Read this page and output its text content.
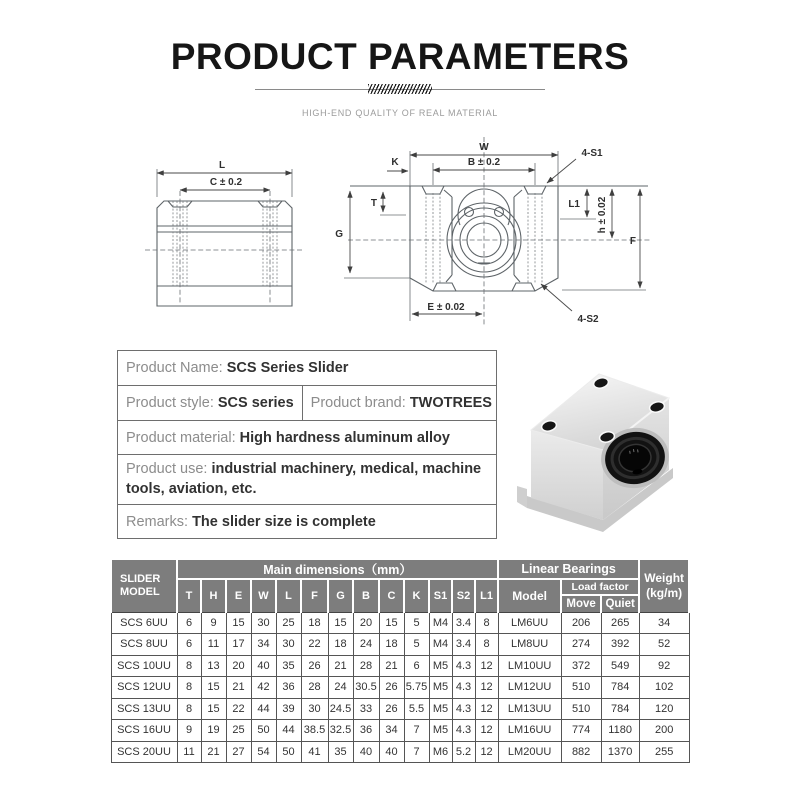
PRODUCT PARAMETERS
HIGH-END QUALITY OF REAL MATERIAL
L
C ± 0.2
W
B ± 0.2
K
T
G
L1 h ± 0.02
F
E ± 0.02
4-S1
4-S2
Product Name: SCS Series Slider
Product style: SCS series Product brand: TWOTREES
Product material: High hardness aluminum alloy
Product use: industrial machinery, medical, machine tools, aviation, etc.
Remarks: The slider size is complete
SLIDER MODEL	Main dimensions（mm）													Linear Bearings			Weight (kg/m)
	T	H	E	W	L	F	G	B	C	K	S1	S2	L1	Model	Load factor		
															Move	Quiet	
SCS 6UU	6	9	15	30	25	18	15	20	15	5	M4	3.4	8	LM6UU	206	265	34
SCS 8UU	6	11	17	34	30	22	18	24	18	5	M4	3.4	8	LM8UU	274	392	52
SCS 10UU	8	13	20	40	35	26	21	28	21	6	M5	4.3	12	LM10UU	372	549	92
SCS 12UU	8	15	21	42	36	28	24	30.5	26	5.75	M5	4.3	12	LM12UU	510	784	102
SCS 13UU	8	15	22	44	39	30	24.5	33	26	5.5	M5	4.3	12	LM13UU	510	784	120
SCS 16UU	9	19	25	50	44	38.5	32.5	36	34	7	M5	4.3	12	LM16UU	774	1180	200
SCS 20UU	11	21	27	54	50	41	35	40	40	7	M6	5.2	12	LM20UU	882	1370	255
